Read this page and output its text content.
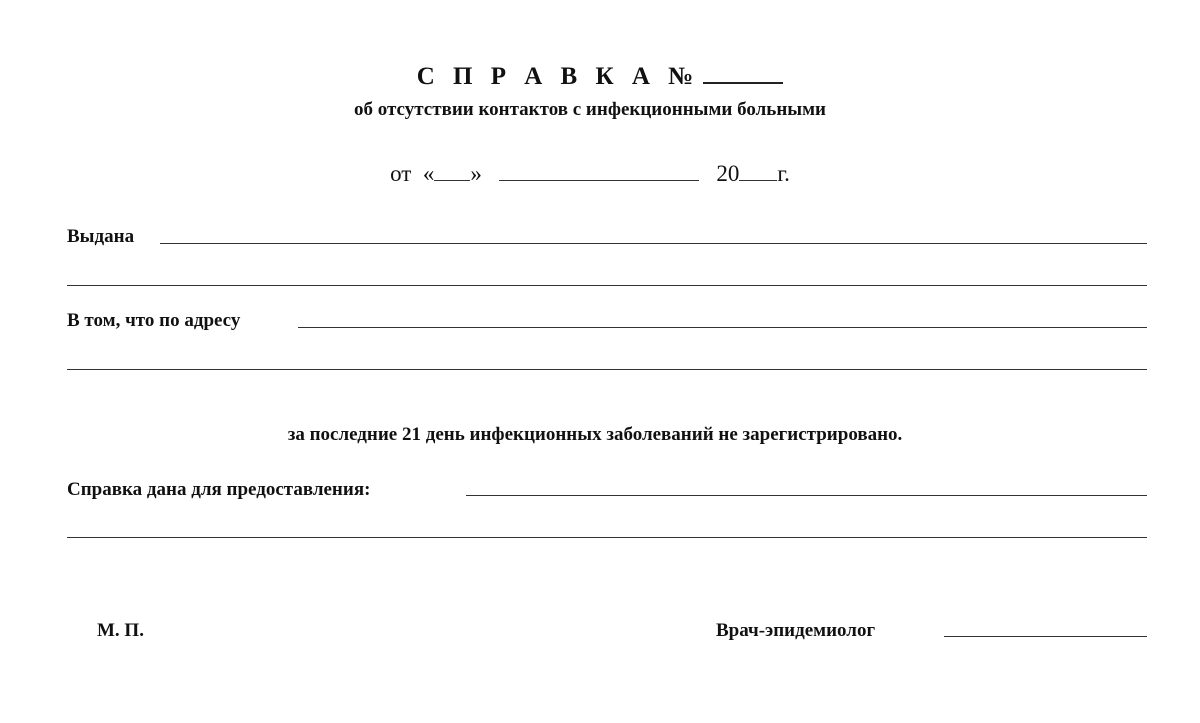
С П Р А В К А №
об отсутствии контактов с инфекционными больными
от « »	20 г.
Выдана
В том, что по адресу
за последние 21 день инфекционных заболеваний не зарегистрировано.
Справка дана для предоставления:
М. П.	Врач-эпидемиолог
